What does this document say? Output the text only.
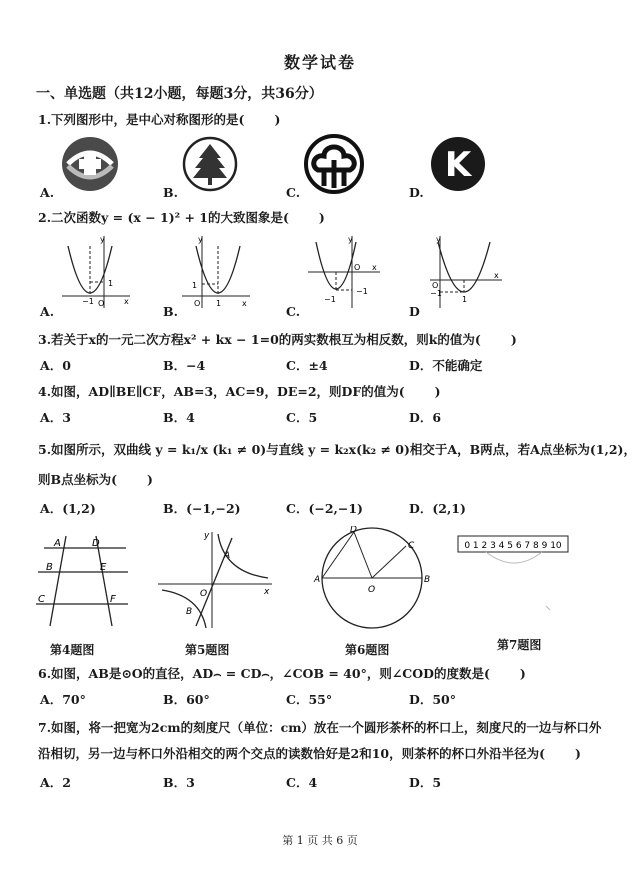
数学试卷
一、单选题（共12小题，每题3分，共36分）
1.下列图形中，是中心对称图形的是( )
K
A.	B.	C.	D.
2.二次函数y = (x − 1)² + 1的大致图象是( )
y
−1 O
1
x
y
1
O 1	x
y
O x
−1
−1
y
O
x
−1
1
A.	B.	C.	D
3.若关于x的一元二次方程x² + kx − 1=0的两实数根互为相反数，则k的值为( )
A．0	B．−4	C．±4	D．不能确定
4.如图，AD∥BE∥CF，AB=3，AC=9，DE=2，则DF的值为( )
A．3	B．4	C．5	D．6
5.如图所示，双曲线 y = k₁/x (k₁ ≠ 0)与直线 y = k₂x(k₂ ≠ 0)相交于A，B两点，若A点坐标为(1,2)，
则B点坐标为( )
A．(1,2)	B．(−1,−2)	C．(−2,−1)	D．(2,1)
A	D
B	E
C	F
y
A
O	x
B
A	B
D
C
O
0 1 2 3 4 5 6 7 8 9 10
第4题图	第5题图	第6题图	第7题图
6.如图，AB是⊙O的直径，AD⌢ = CD⌢，∠COB = 40°，则∠COD的度数是( )
A．70°	B．60°	C．55°	D．50°
7.如图，将一把宽为2cm的刻度尺（单位：cm）放在一个圆形茶杯的杯口上，刻度尺的一边与杯口外
沿相切，另一边与杯口外沿相交的两个交点的读数恰好是2和10，则茶杯的杯口外沿半径为( )
A．2	B．3	C．4	D．5
第 1 页 共 6 页
